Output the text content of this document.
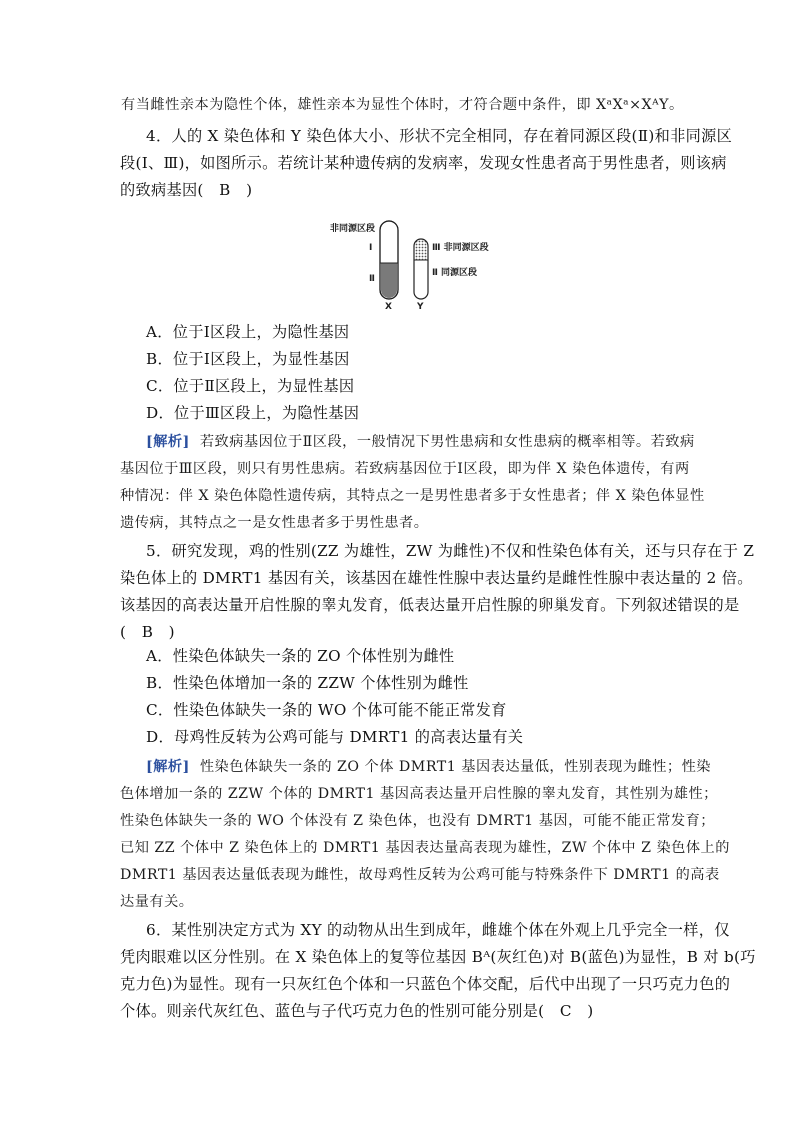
有当雌性亲本为隐性个体，雄性亲本为显性个体时，才符合题中条件，即 XᵃXᵃ×XᴬY。
4．人的 X 染色体和 Y 染色体大小、形状不完全相同，存在着同源区段(Ⅱ)和非同源区
段(Ⅰ、Ⅲ)，如图所示。若统计某种遗传病的发病率，发现女性患者高于男性患者，则该病
的致病基因(　B　)
非同源区段
Ⅰ
Ⅱ
X	Y
Ⅲ 非同源区段
Ⅱ 同源区段
A．位于Ⅰ区段上，为隐性基因
B．位于Ⅰ区段上，为显性基因
C．位于Ⅱ区段上，为显性基因
D．位于Ⅲ区段上，为隐性基因
[解析] 若致病基因位于Ⅱ区段，一般情况下男性患病和女性患病的概率相等。若致病
基因位于Ⅲ区段，则只有男性患病。若致病基因位于Ⅰ区段，即为伴 X 染色体遗传，有两
种情况：伴 X 染色体隐性遗传病，其特点之一是男性患者多于女性患者；伴 X 染色体显性
遗传病，其特点之一是女性患者多于男性患者。
5．研究发现，鸡的性别(ZZ 为雄性，ZW 为雌性)不仅和性染色体有关，还与只存在于 Z
染色体上的 DMRT1 基因有关，该基因在雄性性腺中表达量约是雌性性腺中表达量的 2 倍。
该基因的高表达量开启性腺的睾丸发育，低表达量开启性腺的卵巢发育。下列叙述错误的是
(　B　)
A．性染色体缺失一条的 ZO 个体性别为雌性
B．性染色体增加一条的 ZZW 个体性别为雌性
C．性染色体缺失一条的 WO 个体可能不能正常发育
D．母鸡性反转为公鸡可能与 DMRT1 的高表达量有关
[解析] 性染色体缺失一条的 ZO 个体 DMRT1 基因表达量低，性别表现为雌性；性染
色体增加一条的 ZZW 个体的 DMRT1 基因高表达量开启性腺的睾丸发育，其性别为雄性；
性染色体缺失一条的 WO 个体没有 Z 染色体，也没有 DMRT1 基因，可能不能正常发育；
已知 ZZ 个体中 Z 染色体上的 DMRT1 基因表达量高表现为雄性，ZW 个体中 Z 染色体上的
DMRT1 基因表达量低表现为雌性，故母鸡性反转为公鸡可能与特殊条件下 DMRT1 的高表
达量有关。
6．某性别决定方式为 XY 的动物从出生到成年，雌雄个体在外观上几乎完全一样，仅
凭肉眼难以区分性别。在 X 染色体上的复等位基因 Bᴬ(灰红色)对 B(蓝色)为显性，B 对 b(巧
克力色)为显性。现有一只灰红色个体和一只蓝色个体交配，后代中出现了一只巧克力色的
个体。则亲代灰红色、蓝色与子代巧克力色的性别可能分别是(　C　)
